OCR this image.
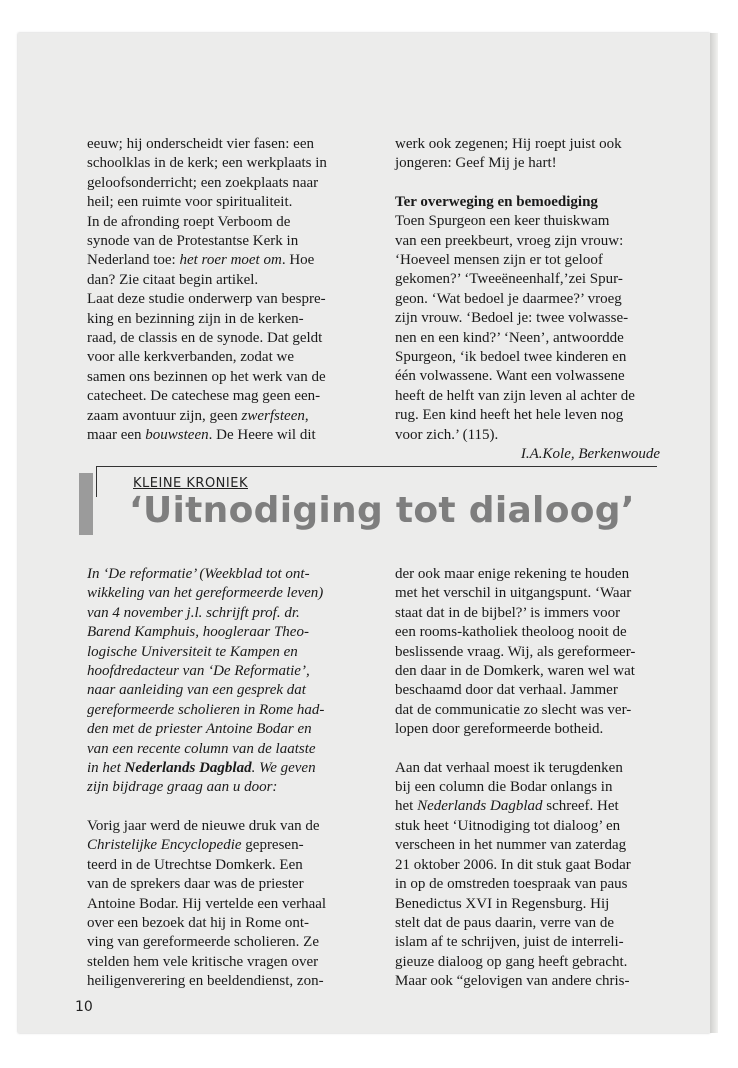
eeuw; hij onderscheidt vier fasen: een
schoolklas in de kerk; een werkplaats in
geloofsonderricht; een zoekplaats naar
heil; een ruimte voor spiritualiteit.
In de afronding roept Verboom de
synode van de Protestantse Kerk in
Nederland toe: het roer moet om. Hoe
dan? Zie citaat begin artikel.
Laat deze studie onderwerp van bespre-
king en bezinning zijn in de kerken-
raad, de classis en de synode. Dat geldt
voor alle kerkverbanden, zodat we
samen ons bezinnen op het werk van de
catecheet. De catechese mag geen een-
zaam avontuur zijn, geen zwerfsteen,
maar een bouwsteen. De Heere wil dit
werk ook zegenen; Hij roept juist ook
jongeren: Geef Mij je hart!
Ter overweging en bemoediging
Toen Spurgeon een keer thuiskwam
van een preekbeurt, vroeg zijn vrouw:
‘Hoeveel mensen zijn er tot geloof
gekomen?’ ‘Tweeëneenhalf,’zei Spur-
geon. ‘Wat bedoel je daarmee?’ vroeg
zijn vrouw. ‘Bedoel je: twee volwasse-
nen en een kind?’ ‘Neen’, antwoordde
Spurgeon, ‘ik bedoel twee kinderen en
één volwassene. Want een volwassene
heeft de helft van zijn leven al achter de
rug. Een kind heeft het hele leven nog
voor zich.’ (115).
I.A.Kole, Berkenwoude
KLEINE KRONIEK
‘Uitnodiging tot dialoog’
In ‘De reformatie’ (Weekblad tot ont-
wikkeling van het gereformeerde leven)
van 4 november j.l. schrijft prof. dr.
Barend Kamphuis, hoogleraar Theo-
logische Universiteit te Kampen en
hoofdredacteur van ‘De Reformatie’,
naar aanleiding van een gesprek dat
gereformeerde scholieren in Rome had-
den met de priester Antoine Bodar en
van een recente column van de laatste
in het Nederlands Dagblad. We geven
zijn bijdrage graag aan u door:
Vorig jaar werd de nieuwe druk van de
Christelijke Encyclopedie gepresen-
teerd in de Utrechtse Domkerk. Een
van de sprekers daar was de priester
Antoine Bodar. Hij vertelde een verhaal
over een bezoek dat hij in Rome ont-
ving van gereformeerde scholieren. Ze
stelden hem vele kritische vragen over
heiligenverering en beeldendienst, zon-
der ook maar enige rekening te houden
met het verschil in uitgangspunt. ‘Waar
staat dat in de bijbel?’ is immers voor
een rooms-katholiek theoloog nooit de
beslissende vraag. Wij, als gereformeer-
den daar in de Domkerk, waren wel wat
beschaamd door dat verhaal. Jammer
dat de communicatie zo slecht was ver-
lopen door gereformeerde botheid.
Aan dat verhaal moest ik terugdenken
bij een column die Bodar onlangs in
het Nederlands Dagblad schreef. Het
stuk heet ‘Uitnodiging tot dialoog’ en
verscheen in het nummer van zaterdag
21 oktober 2006. In dit stuk gaat Bodar
in op de omstreden toespraak van paus
Benedictus XVI in Regensburg. Hij
stelt dat de paus daarin, verre van de
islam af te schrijven, juist de interreli-
gieuze dialoog op gang heeft gebracht.
Maar ook “gelovigen van andere chris-
10
